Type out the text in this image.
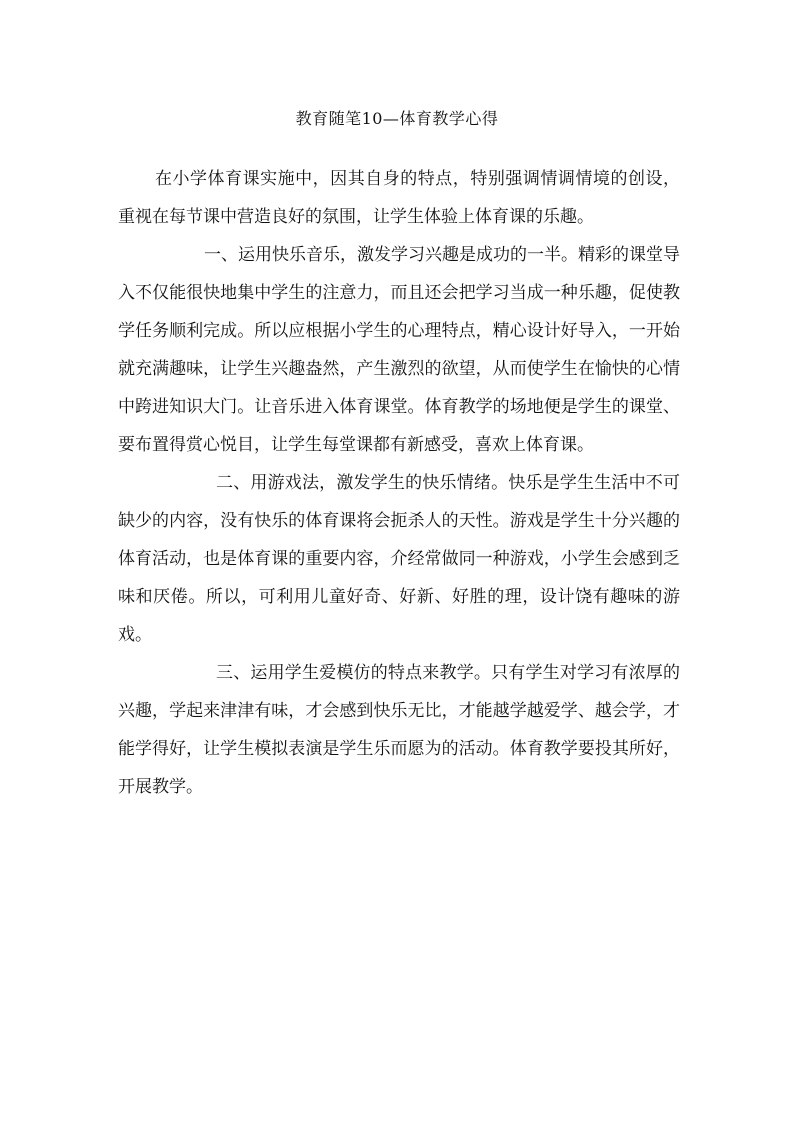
教育随笔10—体育教学心得

在小学体育课实施中，因其自身的特点，特别强调情调情境的创设，重视在每节课中营造良好的氛围，让学生体验上体育课的乐趣。

一、运用快乐音乐，激发学习兴趣是成功的一半。精彩的课堂导入不仅能很快地集中学生的注意力，而且还会把学习当成一种乐趣，促使教学任务顺利完成。所以应根据小学生的心理特点，精心设计好导入，一开始就充满趣味，让学生兴趣盎然，产生激烈的欲望，从而使学生在愉快的心情中跨进知识大门。让音乐进入体育课堂。体育教学的场地便是学生的课堂、要布置得赏心悦目，让学生每堂课都有新感受，喜欢上体育课。

二、用游戏法，激发学生的快乐情绪。快乐是学生生活中不可缺少的内容，没有快乐的体育课将会扼杀人的天性。游戏是学生十分兴趣的体育活动，也是体育课的重要内容，介经常做同一种游戏，小学生会感到乏味和厌倦。所以，可利用儿童好奇、好新、好胜的理，设计饶有趣味的游戏。

三、运用学生爱模仿的特点来教学。只有学生对学习有浓厚的兴趣，学起来津津有味，才会感到快乐无比，才能越学越爱学、越会学，才能学得好，让学生模拟表演是学生乐而愿为的活动。体育教学要投其所好，开展教学。
